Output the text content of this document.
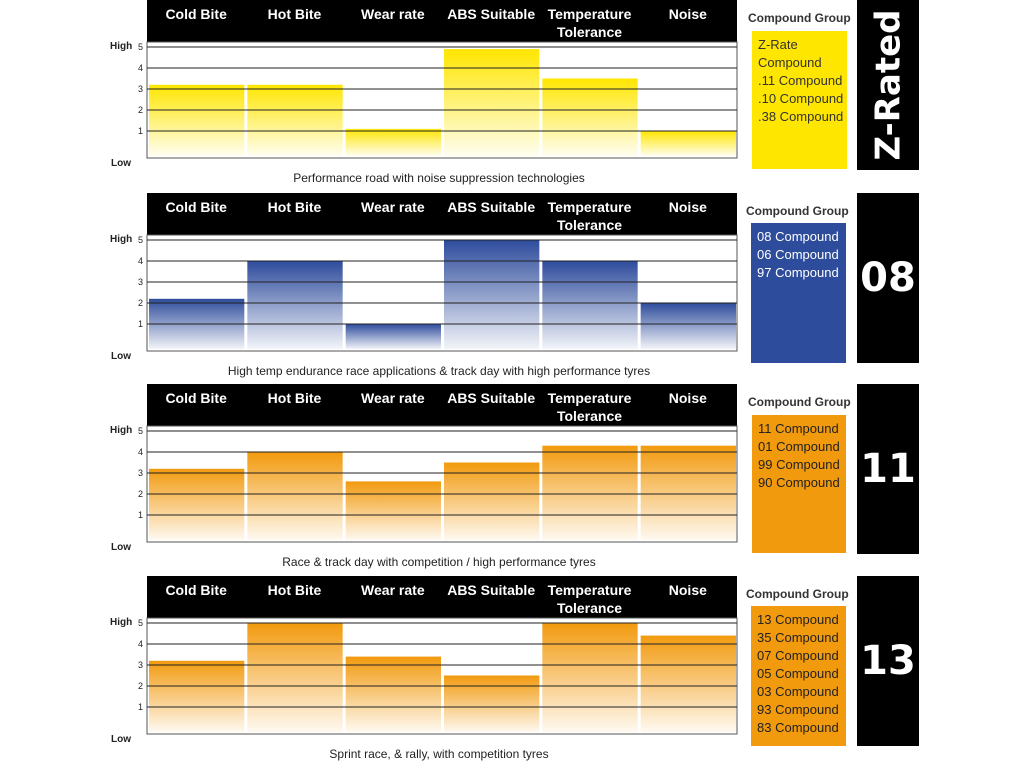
Cold Bite	Hot Bite	Wear rate ABS Suitable Temperature
Tolerance
Noise
1
2
3
4
5
High
Low
Performance road with noise suppression technologies
Compound Group
Z-Rate
Compound
.11 Compound
.10 Compound
.38 Compound Z-Rated
Cold Bite	Hot Bite	Wear rate ABS Suitable Temperature
Tolerance
Noise
1
2
3
4
5
High
Low
High temp endurance race applications & track day with high performance tyres
Compound Group
08 Compound
06 Compound
97 Compound 08
Cold Bite	Hot Bite	Wear rate ABS Suitable Temperature
Tolerance
Noise
1
2
3
4
5
High
Low
Race & track day with competition / high performance tyres
Compound Group
11 Compound
01 Compound
99 Compound
90 Compound 11
Cold Bite	Hot Bite	Wear rate ABS Suitable Temperature
Tolerance
Noise
1
2
3
4
5
High
Low
Sprint race, & rally, with competition tyres
Compound Group
13 Compound
35 Compound
07 Compound
05 Compound
03 Compound
93 Compound
83 Compound
13
